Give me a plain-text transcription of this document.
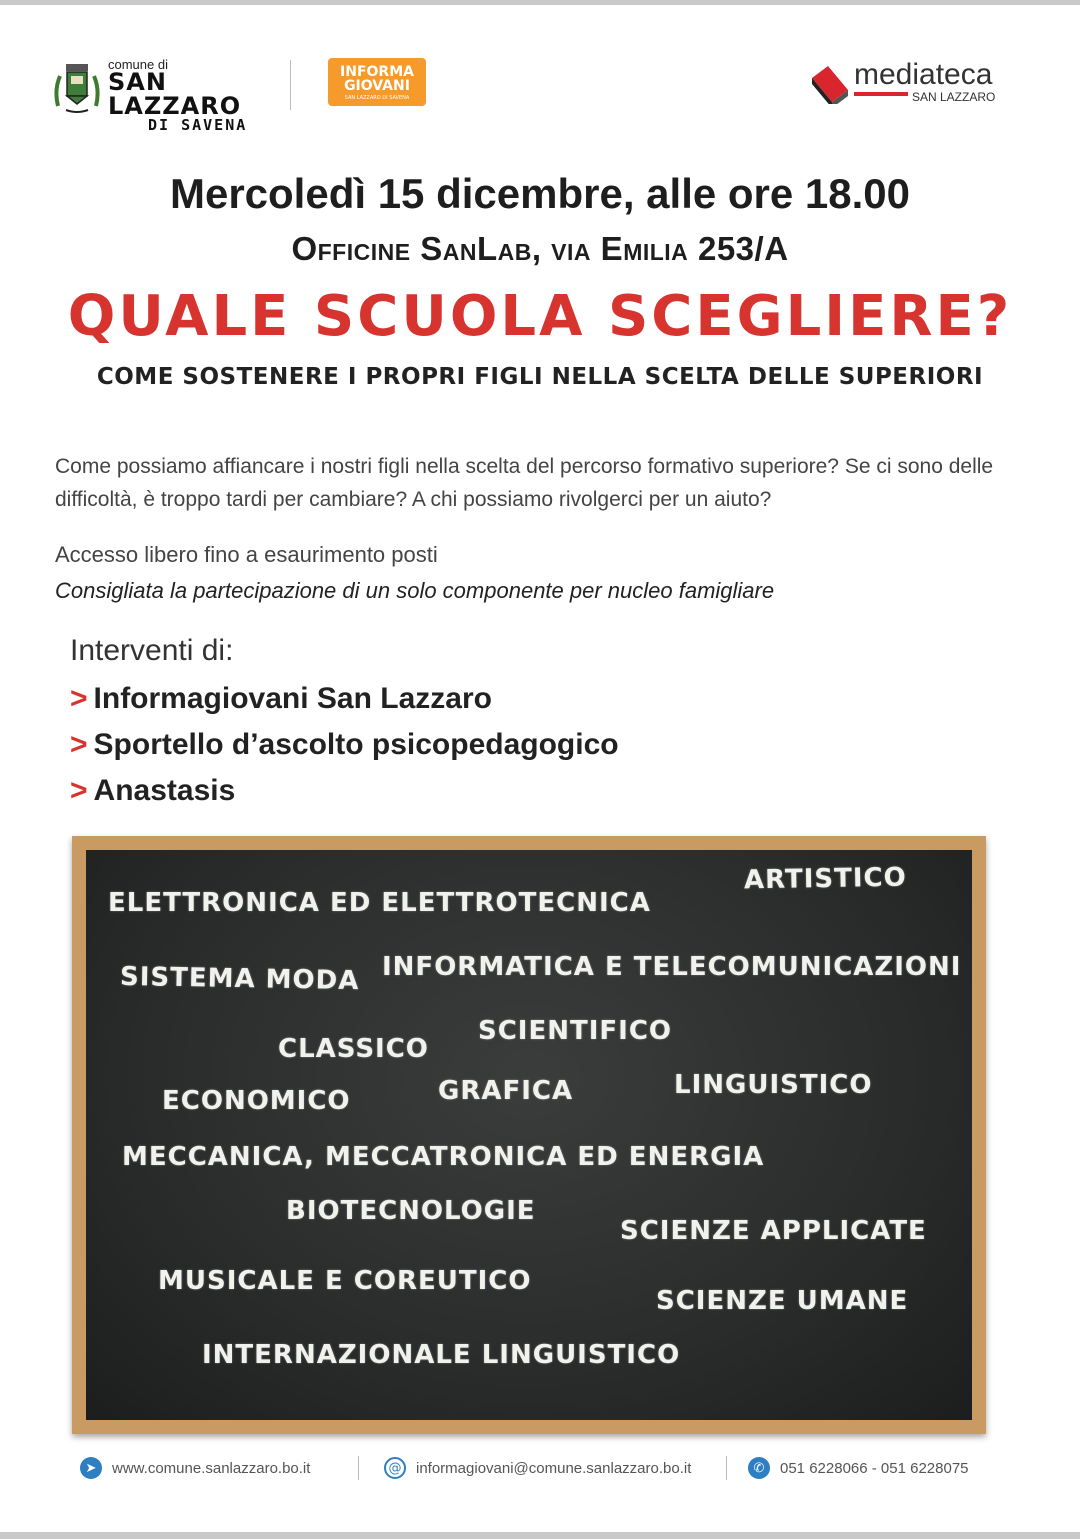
comune di
SAN LAZZARO
DI SAVENA
INFORMA
GIOVANI
SAN LAZZARO DI SAVENA
mediateca
SAN LAZZARO
Mercoledì 15 dicembre, alle ore 18.00
Officine SanLab, via Emilia 253/A
QUALE SCUOLA SCEGLIERE?
COME SOSTENERE I PROPRI FIGLI NELLA SCELTA DELLE SUPERIORI
Come possiamo affiancare i nostri figli nella scelta del percorso formativo superiore? Se ci sono delle difficoltà, è troppo tardi per cambiare? A chi possiamo rivolgerci per un aiuto?
Accesso libero fino a esaurimento posti
Consigliata la partecipazione di un solo componente per nucleo famigliare
Interventi di:
> Informagiovani San Lazzaro
> Sportello d’ascolto psicopedagogico
> Anastasis
ELETTRONICA ED ELETTROTECNICA
ARTISTICO
SISTEMA MODA INFORMATICA E TELECOMUNICAZIONI
CLASSICO
SCIENTIFICO
ECONOMICO	GRAFICA	LINGUISTICO
MECCANICA, MECCATRONICA ED ENERGIA
BIOTECNOLOGIE
SCIENZE APPLICATE
MUSICALE E COREUTICO
SCIENZE UMANE
INTERNAZIONALE LINGUISTICO
➤	www.comune.sanlazzaro.bo.it	@ informagiovani@comune.sanlazzaro.bo.it	✆	051 6228066 - 051 6228075
